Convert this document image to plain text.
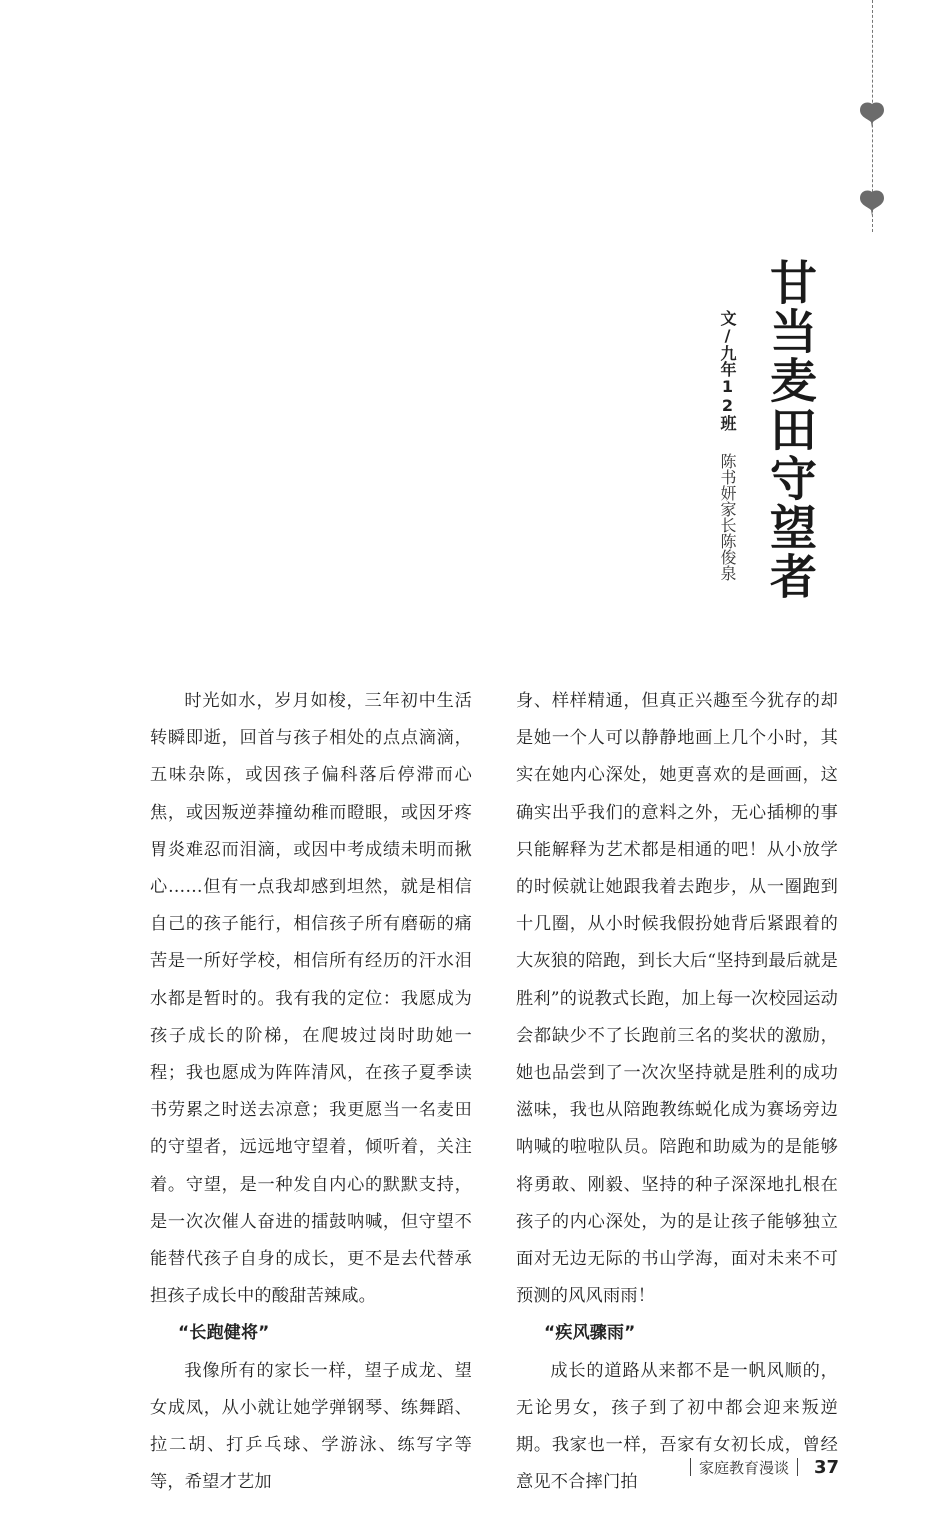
甘当麦田守望者
文/九年12班陈书妍家长陈俊泉

时光如水，岁月如梭，三年初中生活转瞬即逝，回首与孩子相处的点点滴滴，五味杂陈，或因孩子偏科落后停滞而心焦，或因叛逆莽撞幼稚而瞪眼，或因牙疼胃炎难忍而泪滴，或因中考成绩未明而揪心……但有一点我却感到坦然，就是相信自己的孩子能行，相信孩子所有磨砺的痛苦是一所好学校，相信所有经历的汗水泪水都是暂时的。我有我的定位：我愿成为孩子成长的阶梯，在爬坡过岗时助她一程；我也愿成为阵阵清风，在孩子夏季读书劳累之时送去凉意；我更愿当一名麦田的守望者，远远地守望着，倾听着，关注着。守望，是一种发自内心的默默支持，是一次次催人奋进的擂鼓呐喊，但守望不能替代孩子自身的成长，更不是去代替承担孩子成长中的酸甜苦辣咸。

“长跑健将”

我像所有的家长一样，望子成龙、望女成凤，从小就让她学弹钢琴、练舞蹈、拉二胡、打乒乓球、学游泳、练写字等等，希望才艺加

身、样样精通，但真正兴趣至今犹存的却是她一个人可以静静地画上几个小时，其实在她内心深处，她更喜欢的是画画，这确实出乎我们的意料之外，无心插柳的事只能解释为艺术都是相通的吧！从小放学的时候就让她跟我着去跑步，从一圈跑到十几圈，从小时候我假扮她背后紧跟着的大灰狼的陪跑，到长大后“坚持到最后就是胜利”的说教式长跑，加上每一次校园运动会都缺少不了长跑前三名的奖状的激励，她也品尝到了一次次坚持就是胜利的成功滋味，我也从陪跑教练蜕化成为赛场旁边呐喊的啦啦队员。陪跑和助威为的是能够将勇敢、刚毅、坚持的种子深深地扎根在孩子的内心深处，为的是让孩子能够独立面对无边无际的书山学海，面对未来不可预测的风风雨雨！

“疾风骤雨”

成长的道路从来都不是一帆风顺的，无论男女，孩子到了初中都会迎来叛逆期。我家也一样，吾家有女初长成，曾经意见不合摔门拍

家庭教育漫谈 37
